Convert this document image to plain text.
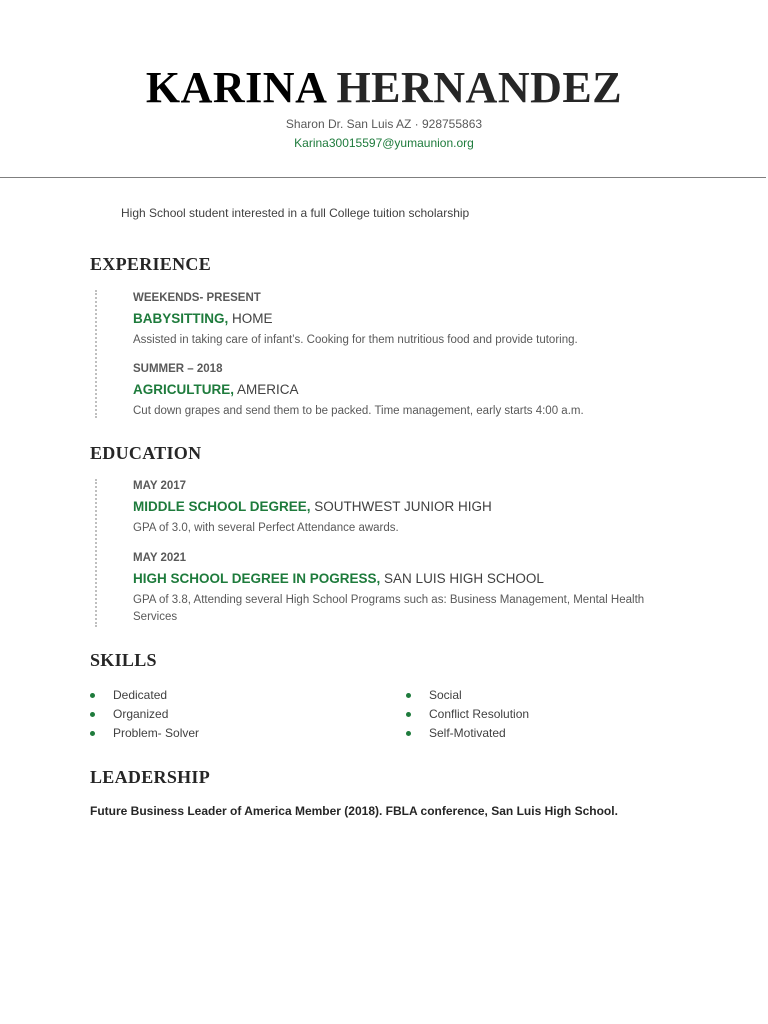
KARINA HERNANDEZ
Sharon Dr. San Luis AZ · 928755863
Karina30015597@yumaunion.org
High School student interested in a full College tuition scholarship
EXPERIENCE
WEEKENDS- PRESENT
BABYSITTING, HOME
Assisted in taking care of infant’s. Cooking for them nutritious food and provide tutoring.
SUMMER – 2018
AGRICULTURE, AMERICA
Cut down grapes and send them to be packed. Time management, early starts 4:00 a.m.
EDUCATION
MAY 2017
MIDDLE SCHOOL DEGREE, SOUTHWEST JUNIOR HIGH
GPA of 3.0, with several Perfect Attendance awards.
MAY 2021
HIGH SCHOOL DEGREE IN POGRESS, SAN LUIS HIGH SCHOOL
GPA of 3.8, Attending several High School Programs such as: Business Management, Mental Health Services
SKILLS
Dedicated
Organized
Problem- Solver
Social
Conflict Resolution
Self-Motivated
LEADERSHIP
Future Business Leader of America Member (2018). FBLA conference, San Luis High School.
